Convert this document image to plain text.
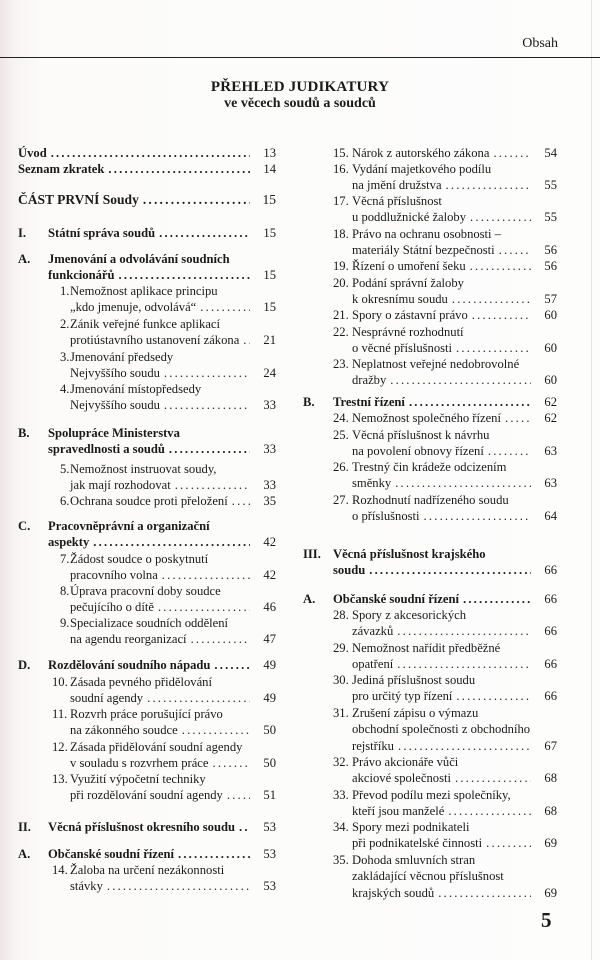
Obsah
PŘEHLED JUDIKATURY
ve věcech soudů a soudců
Úvod .....	13
Seznam zkratek .....	14
ČÁST PRVNÍ Soudy .....	15
I. Státní správa soudů .....	15
A. Jmenování a odvolávání soudních
funkcionářů .....	15
1. Nemožnost aplikace principu
„kdo jmenuje, odvolává“ .....	15
2. Zánik veřejné funkce aplikací
protiústavního ustanovení zákona .....	21
3. Jmenování předsedy
Nejvyššího soudu .....	24
4. Jmenování místopředsedy
Nejvyššího soudu .....	33
B. Spolupráce Ministerstva
spravedlnosti a soudů .....	33
5. Nemožnost instruovat soudy,
jak mají rozhodovat .....	33
6. Ochrana soudce proti přeložení .....	35
C. Pracovněprávní a organizační
aspekty .....	42
7. Žádost soudce o poskytnutí
pracovního volna .....	42
8. Úprava pracovní doby soudce
pečujícího o dítě .....	46
9. Specializace soudních oddělení
na agendu reorganizací .....	47
D. Rozdělování soudního nápadu .....	49
10. Zásada pevného přidělování
soudní agendy .....	49
11. Rozvrh práce porušující právo
na zákonného soudce .....	50
12. Zásada přidělování soudní agendy
v souladu s rozvrhem práce .....	50
13. Využití výpočetní techniky
při rozdělování soudní agendy .....	51
II. Věcná příslušnost okresního soudu .....	53
A. Občanské soudní řízení .....	53
14. Žaloba na určení nezákonnosti
stávky .....	53
15. Nárok z autorského zákona .....	54
16. Vydání majetkového podílu
na jmění družstva .....	55
17. Věcná příslušnost
u poddlužnické žaloby .....	55
18. Právo na ochranu osobnosti –
materiály Státní bezpečnosti .....	56
19. Řízení o umoření šeku .....	56
20. Podání správní žaloby
k okresnímu soudu .....	57
21. Spory o zástavní právo .....	60
22. Nesprávné rozhodnutí
o věcné příslušnosti .....	60
23. Neplatnost veřejné nedobrovolné
dražby .....	60
B. Trestní řízení .....	62
24. Nemožnost společného řízení .....	62
25. Věcná příslušnost k návrhu
na povolení obnovy řízení .....	63
26. Trestný čin krádeže odcizením
směnky .....	63
27. Rozhodnutí nadřízeného soudu
o příslušnosti .....	64
III. Věcná příslušnost krajského
soudu .....	66
A. Občanské soudní řízení .....	66
28. Spory z akcesorických
závazků .....	66
29. Nemožnost nařídit předběžné
opatření .....	66
30. Jediná příslušnost soudu
pro určitý typ řízení .....	66
31. Zrušení zápisu o výmazu
obchodní společnosti z obchodního
rejstříku .....	67
32. Právo akcionáře vůči
akciové společnosti .....	68
33. Převod podílu mezi společníky,
kteří jsou manželé .....	68
34. Spory mezi podnikateli
při podnikatelské činnosti .....	69
35. Dohoda smluvních stran
zakládající věcnou příslušnost
krajských soudů .....	69
5
